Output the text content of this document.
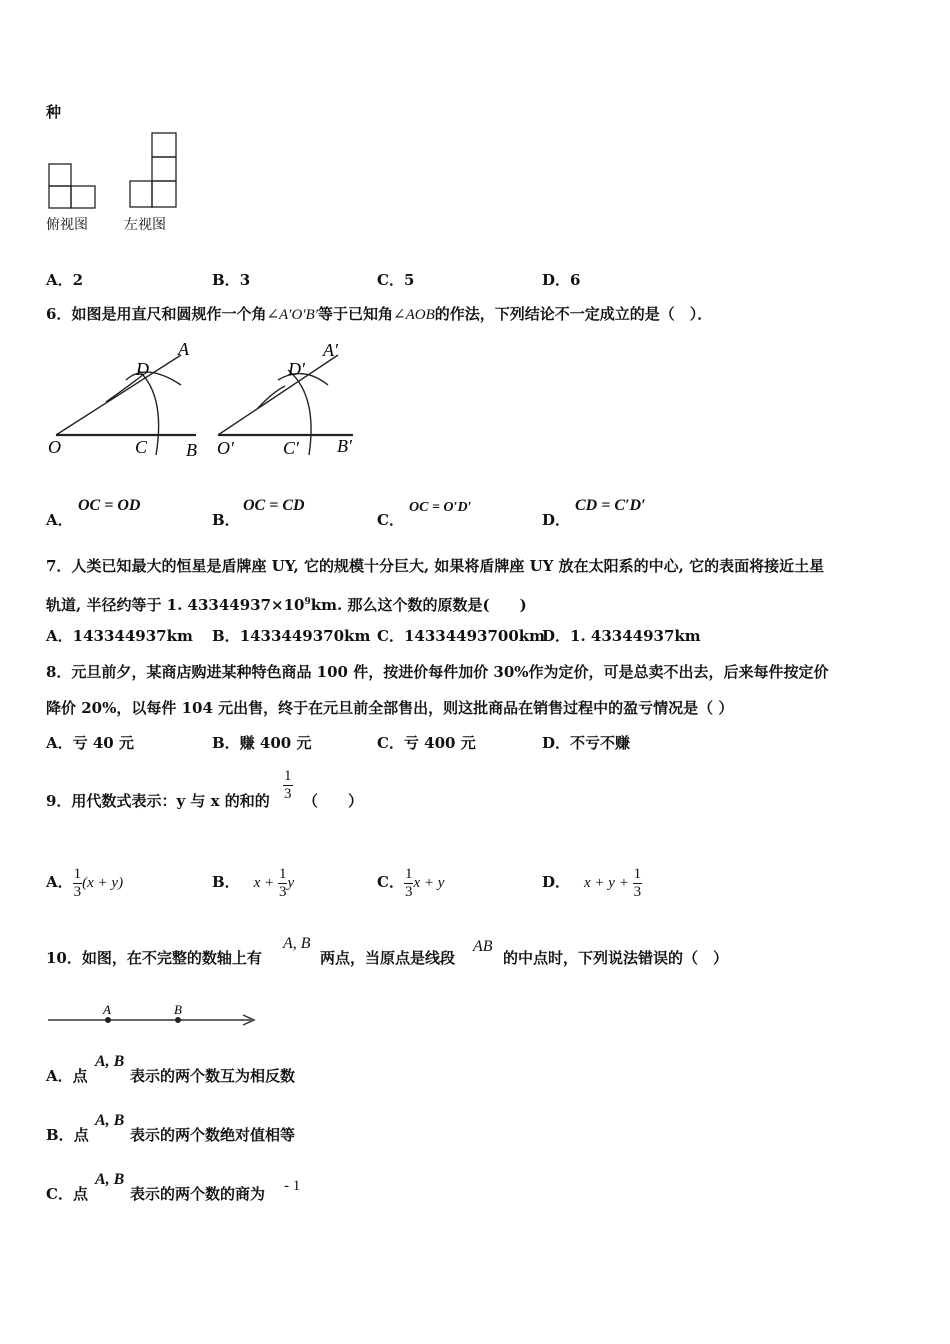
种
俯视图	左视图
A．2	B．3	C．5	D．6
6．如图是用直尺和圆规作一个角∠A′O′B′等于已知角∠AOB的作法，下列结论不一定成立的是（　）．
O	C B
D
A
O′	C′ B′
D′
A′
A．
OC = OD
B．
OC = CD
C．
OC = O′D′
D．
CD = C′D′
7．人类已知最大的恒星是盾牌座 UY, 它的规模十分巨大, 如果将盾牌座 UY 放在太阳系的中心, 它的表面将接近土星
轨道, 半径约等于 1. $43344937\times 10^9km$. 那么这个数的原数是(　　)
A．143344937km B．1433449370km C．14334493700km
D．1. 43344937km
8．元旦前夕，某商店购进某种特色商品 100 件，按进价每件加价 30%作为定价，可是总卖不出去，后来每件按定价
降价 20%，以每件 104 元出售，终于在元旦前全部售出，则这批商品在销售过程中的盈亏情况是（ ）
A．亏 40 元	B．赚 400 元	C．亏 400 元	D．不亏不赚
9．用代数式表示：y 与 x 的和的 $\frac{1}{3}$ （　　）
A． $\frac{1}{3} (x + y)$	B． $x + \frac{1}{3}$ y	C． $\frac{1}{3}$ x + y	D． $x + y + \frac{1}{3}$
10．如图，在不完整的数轴上有
A, B
两点，当原点是线段
AB
的中点时，下列说法错误的（　）
A	B
A．点
A, B
表示的两个数互为相反数
B．点
A, B
表示的两个数绝对值相等
C．点
A, B
表示的两个数的商为 - 1
